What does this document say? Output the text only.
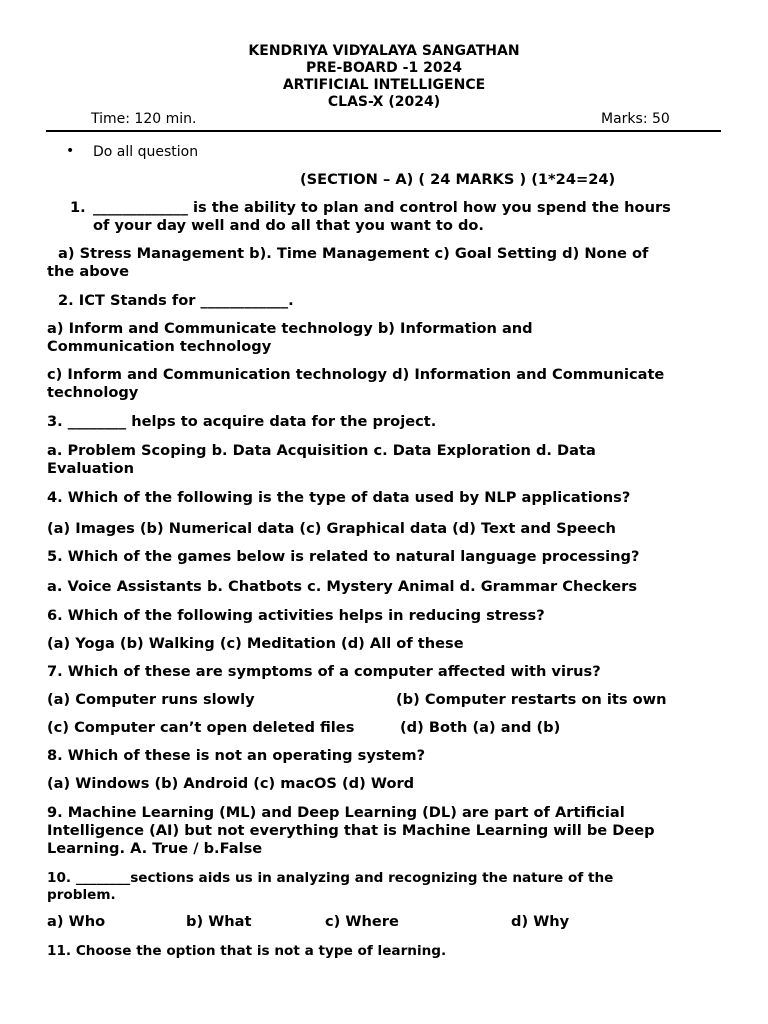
KENDRIYA VIDYALAYA SANGATHAN
PRE-BOARD -1 2024
ARTIFICIAL INTELLIGENCE
CLAS-X (2024)
Time: 120 min.	Marks: 50
• Do all question
(SECTION – A) ( 24 MARKS ) (1*24=24)
1. _____________ is the ability to plan and control how you spend the hours
of your day well and do all that you want to do.
a) Stress Management b). Time Management c) Goal Setting d) None of
the above
2. ICT Stands for ____________.
a) Inform and Communicate technology b) Information and
Communication technology
c) Inform and Communication technology d) Information and Communicate
technology
3. ________ helps to acquire data for the project.
a. Problem Scoping b. Data Acquisition c. Data Exploration d. Data
Evaluation
4. Which of the following is the type of data used by NLP applications?
(a) Images (b) Numerical data (c) Graphical data (d) Text and Speech
5. Which of the games below is related to natural language processing?
a. Voice Assistants b. Chatbots c. Mystery Animal d. Grammar Checkers
6. Which of the following activities helps in reducing stress?
(a) Yoga (b) Walking (c) Meditation (d) All of these
7. Which of these are symptoms of a computer affected with virus?
(a) Computer runs slowly	(b) Computer restarts on its own
(c) Computer can’t open deleted files	(d) Both (a) and (b)
8. Which of these is not an operating system?
(a) Windows (b) Android (c) macOS (d) Word
9. Machine Learning (ML) and Deep Learning (DL) are part of Artificial
Intelligence (AI) but not everything that is Machine Learning will be Deep
Learning. A. True / b.False
10. ________sections aids us in analyzing and recognizing the nature of the
problem.
a) Who	b) What	c) Where	d) Why
11. Choose the option that is not a type of learning.
